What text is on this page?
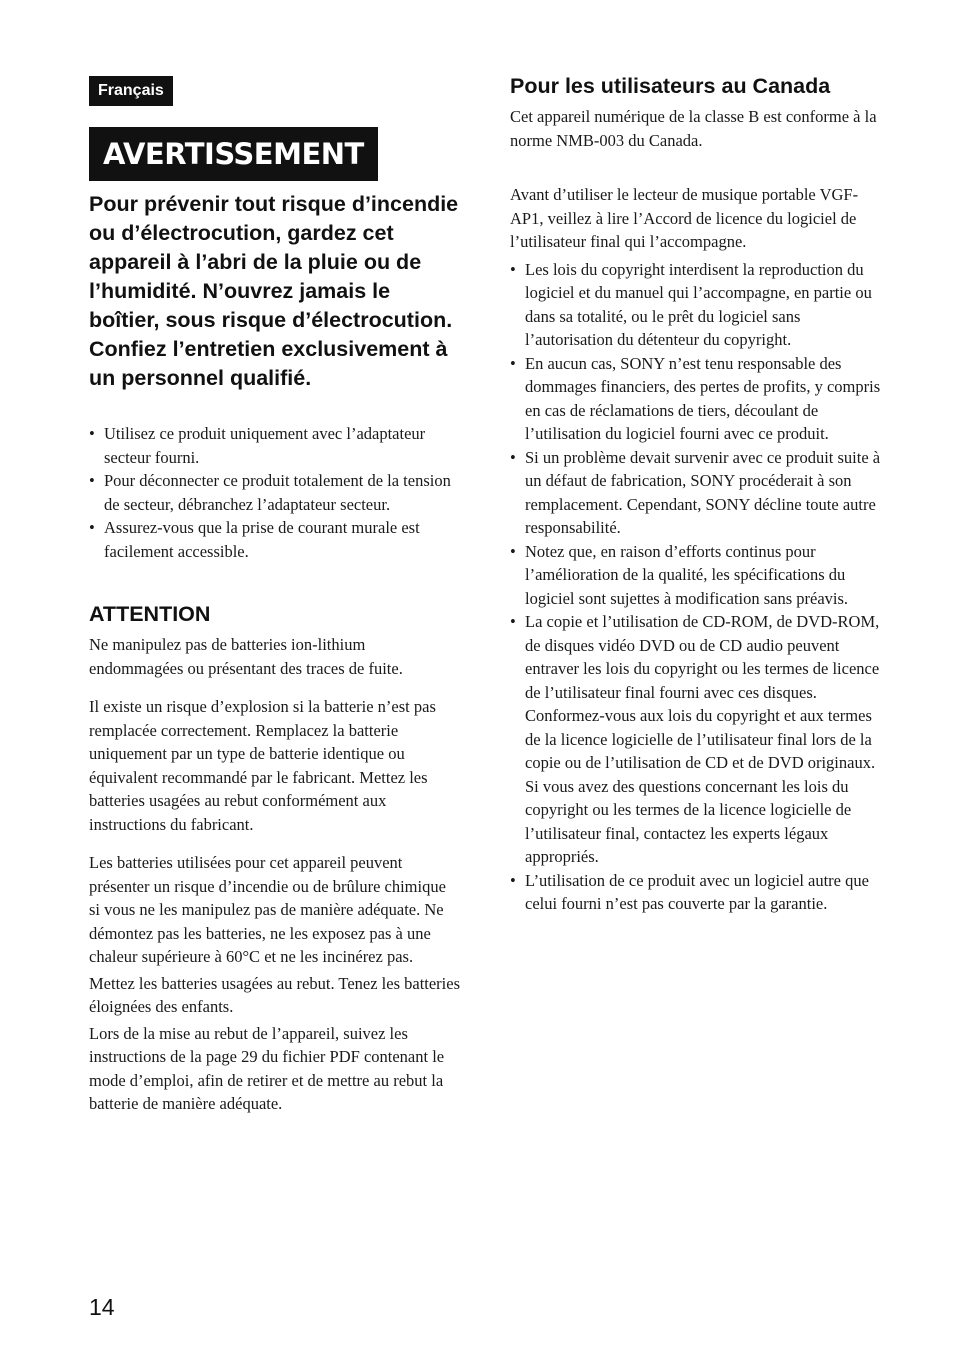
Français
AVERTISSEMENT

Pour prévenir tout risque d’incendie ou d’électrocution, gardez cet appareil à l’abri de la pluie ou de l’humidité. N’ouvrez jamais le boîtier, sous risque d’électrocution. Confiez l’entretien exclusivement à un personnel qualifié.

• Utilisez ce produit uniquement avec l’adaptateur secteur fourni.
• Pour déconnecter ce produit totalement de la tension de secteur, débranchez l’adaptateur secteur.
• Assurez-vous que la prise de courant murale est facilement accessible.
ATTENTION

Ne manipulez pas de batteries ion-lithium endommagées ou présentant des traces de fuite.

Il existe un risque d’explosion si la batterie n’est pas remplacée correctement. Remplacez la batterie uniquement par un type de batterie identique ou équivalent recommandé par le fabricant. Mettez les batteries usagées au rebut conformément aux instructions du fabricant.

Les batteries utilisées pour cet appareil peuvent présenter un risque d’incendie ou de brûlure chimique si vous ne les manipulez pas de manière adéquate. Ne démontez pas les batteries, ne les exposez pas à une chaleur supérieure à 60°C et ne les incinérez pas.

Mettez les batteries usagées au rebut. Tenez les batteries éloignées des enfants.

Lors de la mise au rebut de l’appareil, suivez les instructions de la page 29 du fichier PDF contenant le mode d’emploi, afin de retirer et de mettre au rebut la batterie de manière adéquate.

Pour les utilisateurs au Canada

Cet appareil numérique de la classe B est conforme à la norme NMB-003 du Canada.

Avant d’utiliser le lecteur de musique portable VGF-AP1, veillez à lire l’Accord de licence du logiciel de l’utilisateur final qui l’accompagne.

• Les lois du copyright interdisent la reproduction du logiciel et du manuel qui l’accompagne, en partie ou dans sa totalité, ou le prêt du logiciel sans l’autorisation du détenteur du copyright.
• En aucun cas, SONY n’est tenu responsable des dommages financiers, des pertes de profits, y compris en cas de réclamations de tiers, découlant de l’utilisation du logiciel fourni avec ce produit.
• Si un problème devait survenir avec ce produit suite à un défaut de fabrication, SONY procéderait à son remplacement. Cependant, SONY décline toute autre responsabilité.
• Notez que, en raison d’efforts continus pour l’amélioration de la qualité, les spécifications du logiciel sont sujettes à modification sans préavis.
• La copie et l’utilisation de CD-ROM, de DVD-ROM, de disques vidéo DVD ou de CD audio peuvent entraver les lois du copyright ou les termes de licence de l’utilisateur final fourni avec ces disques. Conformez-vous aux lois du copyright et aux termes de la licence logicielle de l’utilisateur final lors de la copie ou de l’utilisation de CD et de DVD originaux. Si vous avez des questions concernant les lois du copyright ou les termes de la licence logicielle de l’utilisateur final, contactez les experts légaux appropriés.
• L’utilisation de ce produit avec un logiciel autre que celui fourni n’est pas couverte par la garantie.
14
